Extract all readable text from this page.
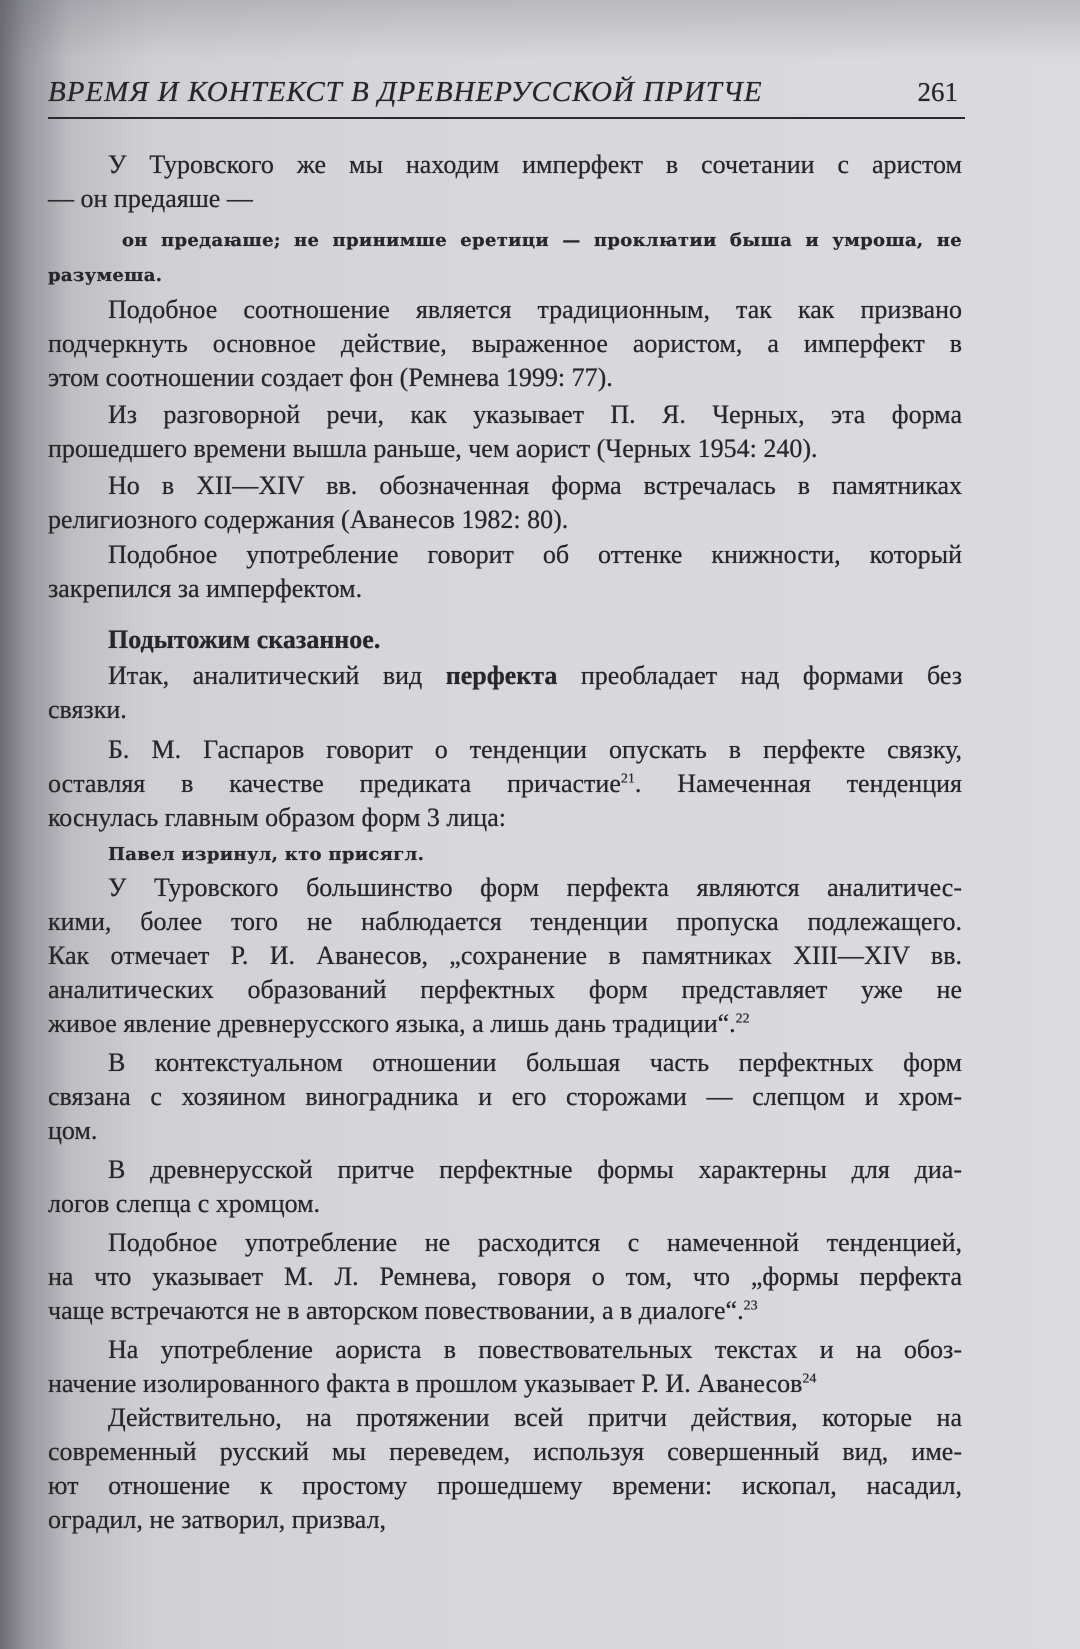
ВРЕМЯ И КОНТЕКСТ В ДРЕВНЕРУССКОЙ ПРИТЧЕ	261
У Туровского же мы находим имперфект в сочетании с аристом
— он предаяше —
он предаꙗше; не принимше еретици — проклꙗтии быша и умроша, не
разумеша.
Подобное соотношение является традиционным, так как призвано
подчеркнуть основное действие, выраженное аористом, а имперфект в
этом соотношении создает фон (Ремнева 1999: 77).
Из разговорной речи, как указывает П. Я. Черных, эта форма
прошедшего времени вышла раньше, чем аорист (Черных 1954: 240).
Но в XII—XIV вв. обозначенная форма встречалась в памятниках
религиозного содержания (Аванесов 1982: 80).
Подобное употребление говорит об оттенке книжности, который
закрепился за имперфектом.
Подытожим сказанное.
Итак, аналитический вид перфекта преобладает над формами без
связки.
Б. М. Гаспаров говорит о тенденции опускать в перфекте связку,
оставляя в качестве предиката причастие$^{21}$. Намеченная тенденция
коснулась главным образом форм 3 лица:
Павел изринул, кто присягл.
У Туровского большинство форм перфекта являются аналитичес-
кими, более того не наблюдается тенденции пропуска подлежащего.
Как отмечает Р. И. Аванесов, „сохранение в памятниках XIII—XIV вв.
аналитических образований перфектных форм представляет уже не
живое явление древнерусского языка, а лишь дань традиции“.$^{22}$
В контекстуальном отношении большая часть перфектных форм
связана с хозяином виноградника и его сторожами — слепцом и хром-
цом.
В древнерусской притче перфектные формы характерны для диа-
логов слепца с хромцом.
Подобное употребление не расходится с намеченной тенденцией,
на что указывает М. Л. Ремнева, говоря о том, что „формы перфекта
чаще встречаются не в авторском повествовании, а в диалоге“.$^{23}$
На употребление аориста в повествовательных текстах и на обоз-
начение изолированного факта в прошлом указывает Р. И. Аванесов$^{24}$
Действительно, на протяжении всей притчи действия, которые на
современный русский мы переведем, используя совершенный вид, име-
ют отношение к простому прошедшему времени: ископал, насадил,
оградил, не затворил, призвал,
